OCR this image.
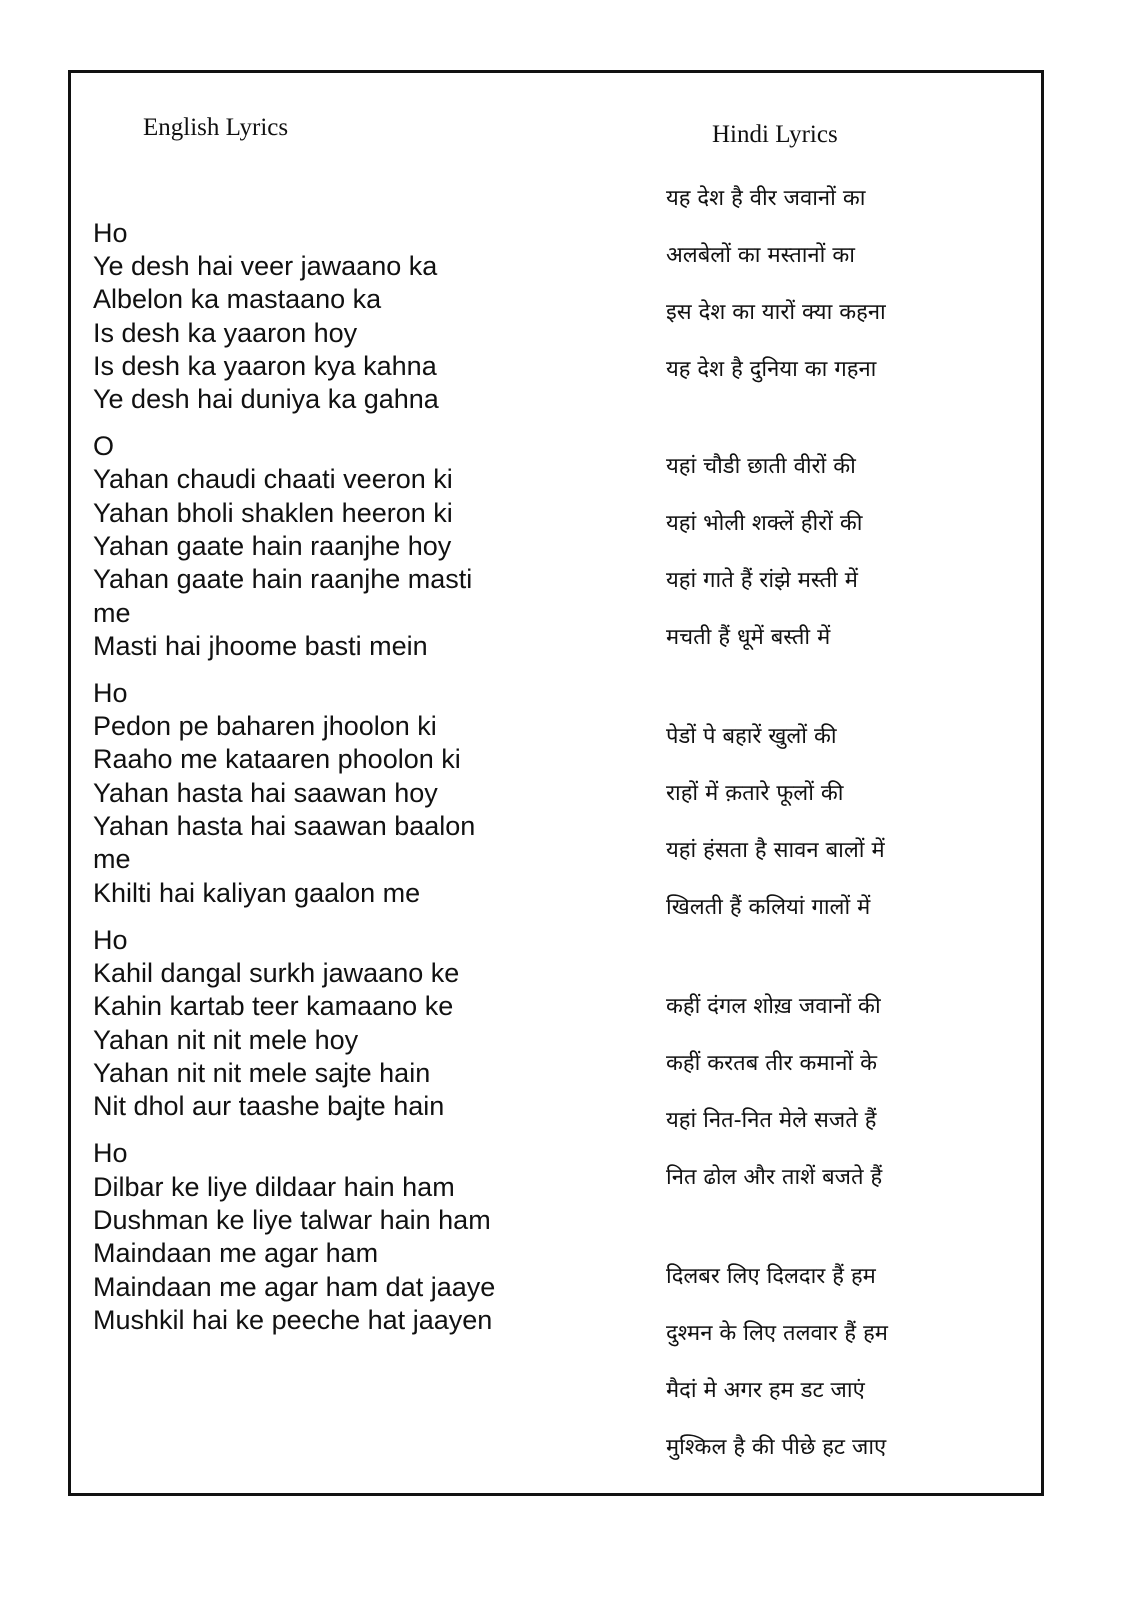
English Lyrics	Hindi Lyrics

Ho

Ye desh hai veer jawaano ka

Albelon ka mastaano ka

Is desh ka yaaron hoy

Is desh ka yaaron kya kahna

Ye desh hai duniya ka gahna

O

Yahan chaudi chaati veeron ki

Yahan bholi shaklen heeron ki

Yahan gaate hain raanjhe hoy

Yahan gaate hain raanjhe masti

me

Masti hai jhoome basti mein

Ho

Pedon pe baharen jhoolon ki

Raaho me kataaren phoolon ki

Yahan hasta hai saawan hoy

Yahan hasta hai saawan baalon

me

Khilti hai kaliyan gaalon me

Ho

Kahil dangal surkh jawaano ke

Kahin kartab teer kamaano ke

Yahan nit nit mele hoy

Yahan nit nit mele sajte hain

Nit dhol aur taashe bajte hain

Ho

Dilbar ke liye dildaar hain ham

Dushman ke liye talwar hain ham

Maindaan me agar ham

Maindaan me agar ham dat jaaye

Mushkil hai ke peeche hat jaayen

यह देश है वीर जवानों का

अलबेलों का मस्तानों का

इस देश का यारों क्या कहना

यह देश है दुनिया का गहना

यहां चौडी छाती वीरों की

यहां भोली शक्लें हीरों की

यहां गाते हैं रांझे मस्ती में

मचती हैं धूमें बस्ती में

पेडों पे बहारें खुलों की

राहों में क़तारे फूलों की

यहां हंसता है सावन बालों में

खिलती हैं कलियां गालों में

कहीं दंगल शोख़ जवानों की

कहीं करतब तीर कमानों के

यहां नित-नित मेले सजते हैं

नित ढोल और ताशें बजते हैं

दिलबर लिए दिलदार हैं हम

दुश्मन के लिए तलवार हैं हम

मैदां मे अगर हम डट जाएं

मुश्किल है की पीछे हट जाए
